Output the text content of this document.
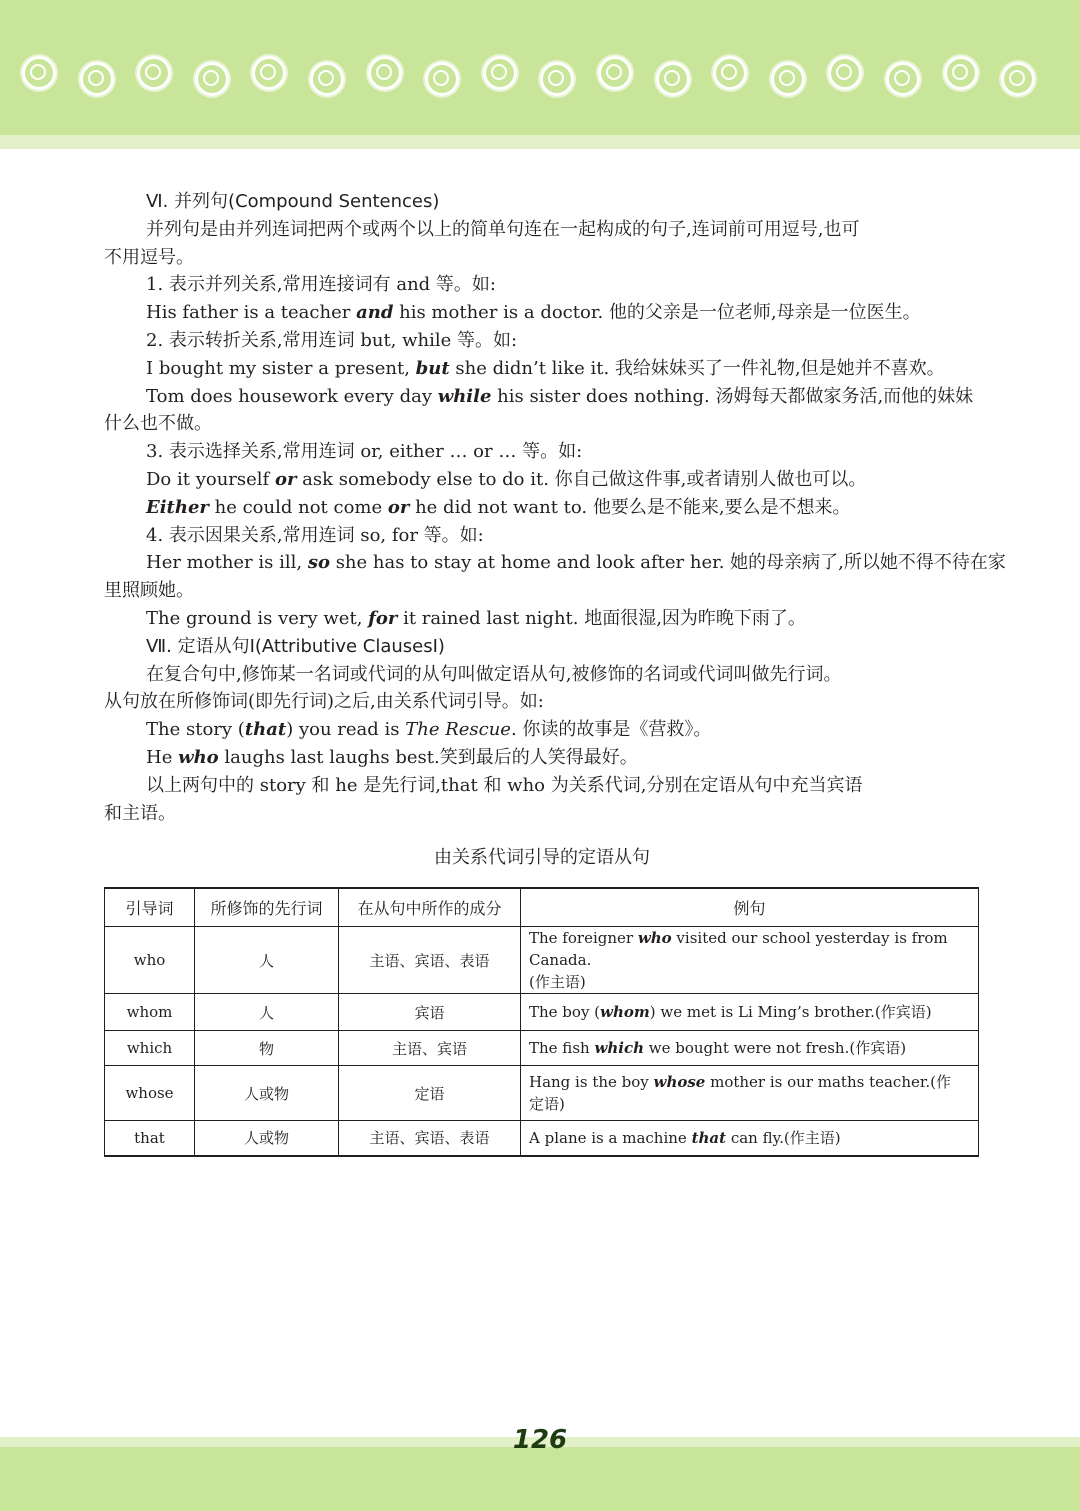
Ⅵ. 并列句(Compound Sentences)
并列句是由并列连词把两个或两个以上的简单句连在一起构成的句子,连词前可用逗号,也可
不用逗号。
1. 表示并列关系,常用连接词有 and 等。如:
His father is a teacher and his mother is a doctor. 他的父亲是一位老师,母亲是一位医生。
2. 表示转折关系,常用连词 but, while 等。如:
I bought my sister a present, but she didn’t like it. 我给妹妹买了一件礼物,但是她并不喜欢。
Tom does housework every day while his sister does nothing. 汤姆每天都做家务活,而他的妹妹
什么也不做。
3. 表示选择关系,常用连词 or, either … or … 等。如:
Do it yourself or ask somebody else to do it. 你自己做这件事,或者请别人做也可以。
Either he could not come or he did not want to. 他要么是不能来,要么是不想来。
4. 表示因果关系,常用连词 so, for 等。如:
Her mother is ill, so she has to stay at home and look after her. 她的母亲病了,所以她不得不待在家
里照顾她。
The ground is very wet, for it rained last night. 地面很湿,因为昨晚下雨了。
Ⅶ. 定语从句Ⅰ(Attributive ClausesⅠ)
在复合句中,修饰某一名词或代词的从句叫做定语从句,被修饰的名词或代词叫做先行词。
从句放在所修饰词(即先行词)之后,由关系代词引导。如:
The story (that) you read is The Rescue. 你读的故事是《营救》。
He who laughs last laughs best.笑到最后的人笑得最好。
以上两句中的 story 和 he 是先行词,that 和 who 为关系代词,分别在定语从句中充当宾语
和主语。
由关系代词引导的定语从句
引导词	所修饰的先行词	在从句中所作的成分	例句
who	人	主语、宾语、表语	The foreigner who visited our school yesterday is from Canada.
(作主语)
whom	人	宾语	The boy (whom) we met is Li Ming’s brother.(作宾语)
which	物	主语、宾语	The fish which we bought were not fresh.(作宾语)
whose	人或物	定语	Hang is the boy whose mother is our maths teacher.(作
定语)
that	人或物	主语、宾语、表语	A plane is a machine that can fly.(作主语)
126
